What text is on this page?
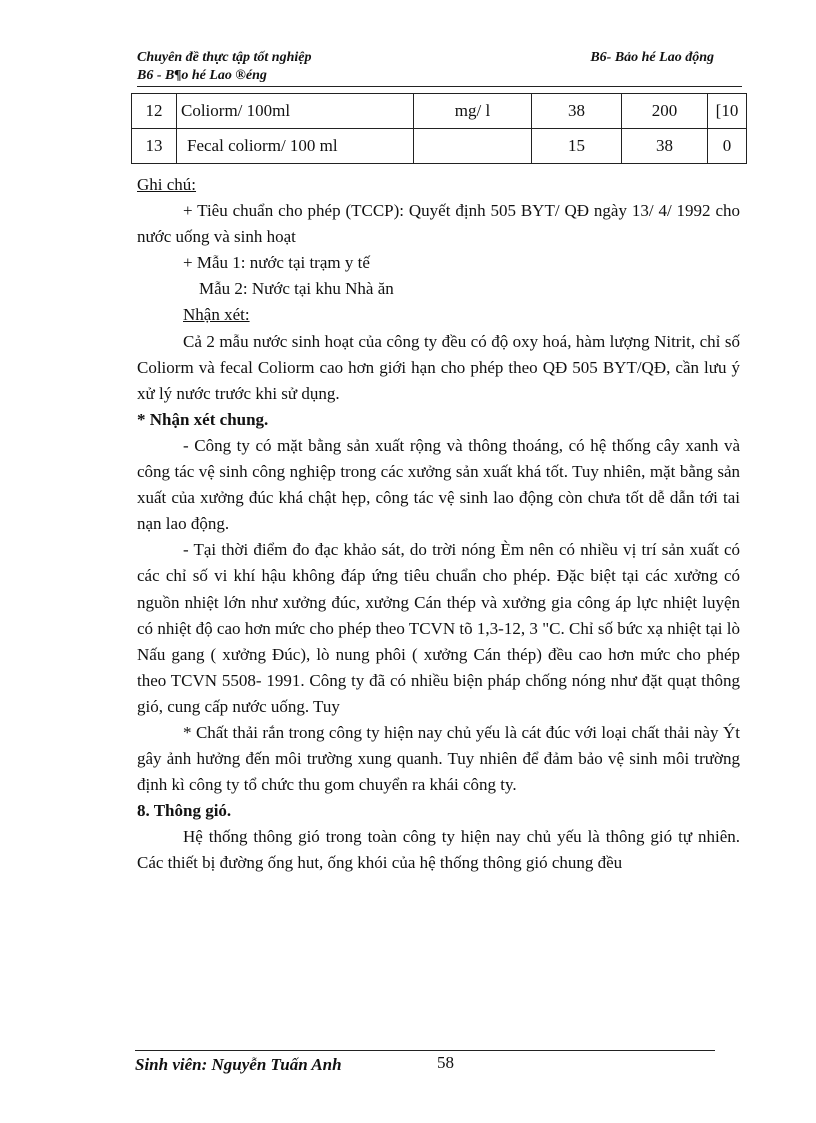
Chuyên đề thực tập tốt nghiệp	B6- Bảo hé Lao động
B6 - B¶o hé Lao ®éng
12	Coliorm/ 100ml	mg/ l	38	200	[10
13	Fecal coliorm/ 100 ml		15	38	0

Ghi chú:

+ Tiêu chuẩn cho phép (TCCP): Quyết định 505 BYT/ QĐ ngày 13/ 4/ 1992 cho nước uống và sinh hoạt

+ Mẫu 1: nước tại trạm y tế

Mẫu 2: Nước tại khu Nhà ăn

Nhận xét:

Cả 2 mẫu nước sinh hoạt của công ty đều có độ oxy hoá, hàm lượng Nitrit, chỉ số Coliorm và fecal Coliorm cao hơn giới hạn cho phép theo QĐ 505 BYT/QĐ, cần lưu ý xử lý nước trước khi sử dụng.

* Nhận xét chung.

- Công ty có mặt bằng sản xuất rộng và thông thoáng, có hệ thống cây xanh và công tác vệ sinh công nghiệp trong các xưởng sản xuất khá tốt. Tuy nhiên, mặt bằng sản xuất của xưởng đúc khá chật hẹp, công tác vệ sinh lao động còn chưa tốt dễ dẫn tới tai nạn lao động.

- Tại thời điểm đo đạc khảo sát, do trời nóng Èm nên có nhiều vị trí sản xuất có các chỉ số vi khí hậu không đáp ứng tiêu chuẩn cho phép. Đặc biệt tại các xưởng có nguồn nhiệt lớn như xưởng đúc, xưởng Cán thép và xưởng gia công áp lực nhiệt luyện có nhiệt độ cao hơn mức cho phép theo TCVN tõ 1,3-12, 3 "C. Chỉ số bức xạ nhiệt tại lò Nấu gang ( xưởng Đúc), lò nung phôi ( xưởng Cán thép) đều cao hơn mức cho phép theo TCVN 5508- 1991. Công ty đã có nhiều biện pháp chống nóng như đặt quạt thông gió, cung cấp nước uống. Tuy

* Chất thải rắn trong công ty hiện nay chủ yếu là cát đúc với loại chất thải này Ýt gây ảnh hưởng đến môi trường xung quanh. Tuy nhiên để đảm bảo vệ sinh môi trường định kì công ty tổ chức thu gom chuyển ra khái công ty.

8. Thông gió.

Hệ thống thông gió trong toàn công ty hiện nay chủ yếu là thông gió tự nhiên. Các thiết bị đường ống hut, ống khói của hệ thống thông gió chung đều

Sinh viên: Nguyễn Tuấn Anh	58
